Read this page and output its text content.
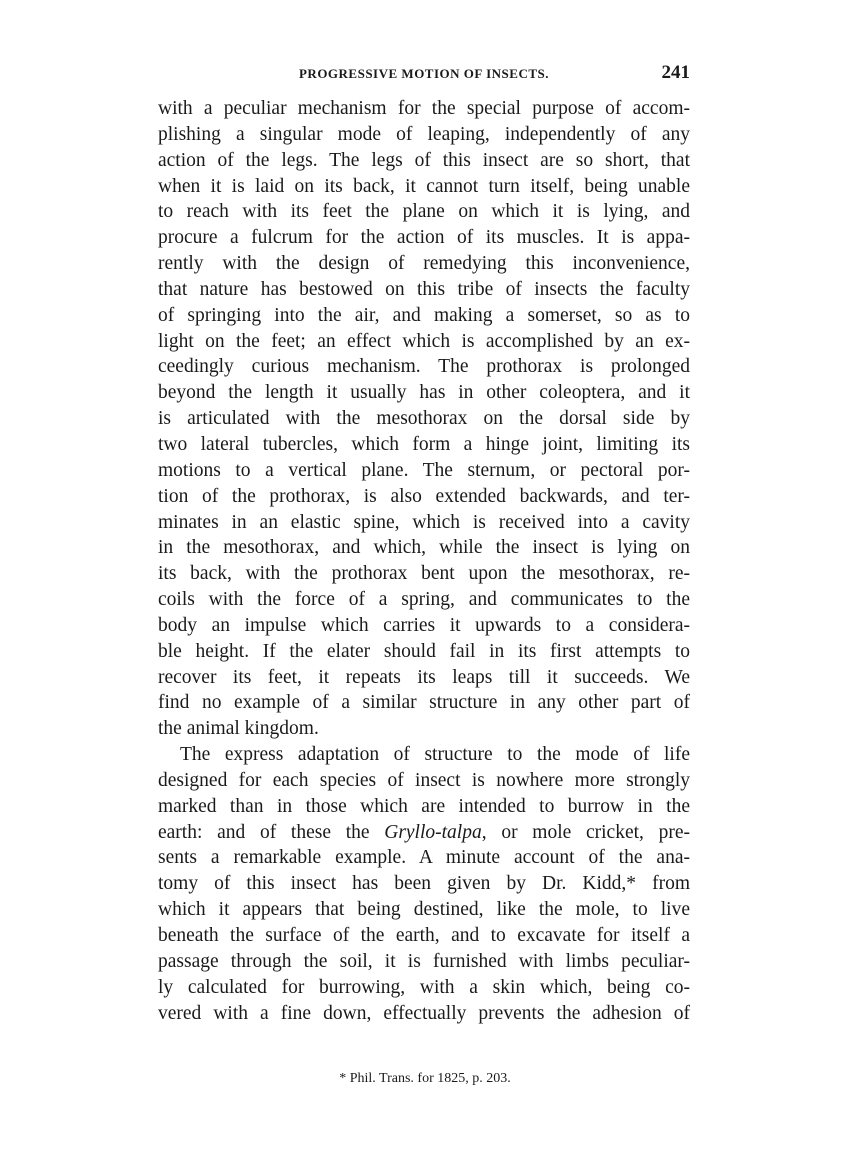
PROGRESSIVE MOTION OF INSECTS.	241
with a peculiar mechanism for the special purpose of accom-
plishing a singular mode of leaping, independently of any
action of the legs. The legs of this insect are so short, that
when it is laid on its back, it cannot turn itself, being unable
to reach with its feet the plane on which it is lying, and
procure a fulcrum for the action of its muscles. It is appa-
rently with the design of remedying this inconvenience,
that nature has bestowed on this tribe of insects the faculty
of springing into the air, and making a somerset, so as to
light on the feet; an effect which is accomplished by an ex-
ceedingly curious mechanism. The prothorax is prolonged
beyond the length it usually has in other coleoptera, and it
is articulated with the mesothorax on the dorsal side by
two lateral tubercles, which form a hinge joint, limiting its
motions to a vertical plane. The sternum, or pectoral por-
tion of the prothorax, is also extended backwards, and ter-
minates in an elastic spine, which is received into a cavity
in the mesothorax, and which, while the insect is lying on
its back, with the prothorax bent upon the mesothorax, re-
coils with the force of a spring, and communicates to the
body an impulse which carries it upwards to a considera-
ble height. If the elater should fail in its first attempts to
recover its feet, it repeats its leaps till it succeeds. We
find no example of a similar structure in any other part of
the animal kingdom.
The express adaptation of structure to the mode of life
designed for each species of insect is nowhere more strongly
marked than in those which are intended to burrow in the
earth: and of these the Gryllo-talpa, or mole cricket, pre-
sents a remarkable example. A minute account of the ana-
tomy of this insect has been given by Dr. Kidd,* from
which it appears that being destined, like the mole, to live
beneath the surface of the earth, and to excavate for itself a
passage through the soil, it is furnished with limbs peculiar-
ly calculated for burrowing, with a skin which, being co-
vered with a fine down, effectually prevents the adhesion of
* Phil. Trans. for 1825, p. 203.
